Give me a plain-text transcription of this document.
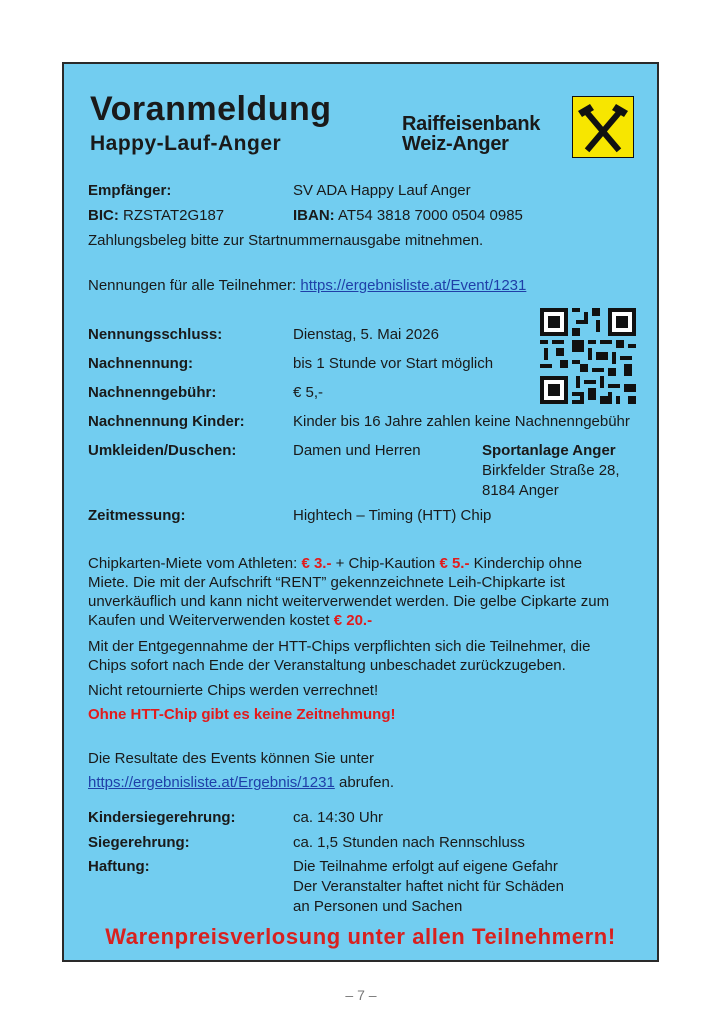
Voranmeldung
Happy-Lauf-Anger
Raiffeisenbank
Weiz-Anger
Empfänger:	SV ADA Happy Lauf Anger
BIC: RZSTAT2G187	IBAN: AT54 3818 7000 0504 0985
Zahlungsbeleg bitte zur Startnummernausgabe mitnehmen.
Nennungen für alle Teilnehmer: https://ergebnisliste.at/Event/1231
Nennungsschluss:	Dienstag, 5. Mai 2026
Nachnennung:	bis 1 Stunde vor Start möglich
Nachnenngebühr:	€ 5,-
Nachnennung Kinder:	Kinder bis 16 Jahre zahlen keine Nachnenngebühr
Umkleiden/Duschen:	Damen und Herren	Sportanlage Anger
Birkfelder Straße 28,
8184 Anger
Zeitmessung:	Hightech – Timing (HTT) Chip
Chipkarten-Miete vom Athleten: € 3.- + Chip-Kaution € 5.- Kinderchip ohne
Miete. Die mit der Aufschrift “RENT” gekennzeichnete Leih-Chipkarte ist
unverkäuflich und kann nicht weiterverwendet werden. Die gelbe Cipkarte zum
Kaufen und Weiterverwenden kostet € 20.-
Mit der Entgegennahme der HTT-Chips verpflichten sich die Teilnehmer, die
Chips sofort nach Ende der Veranstaltung unbeschadet zurückzugeben.
Nicht retournierte Chips werden verrechnet!
Ohne HTT-Chip gibt es keine Zeitnehmung!
Die Resultate des Events können Sie unter
https://ergebnisliste.at/Ergebnis/1231 abrufen.
Kindersiegerehrung:	ca. 14:30 Uhr
Siegerehrung:	ca. 1,5 Stunden nach Rennschluss
Haftung:	Die Teilnahme erfolgt auf eigene Gefahr
Der Veranstalter haftet nicht für Schäden
an Personen und Sachen
Warenpreisverlosung unter allen Teilnehmern!
– 7 –
